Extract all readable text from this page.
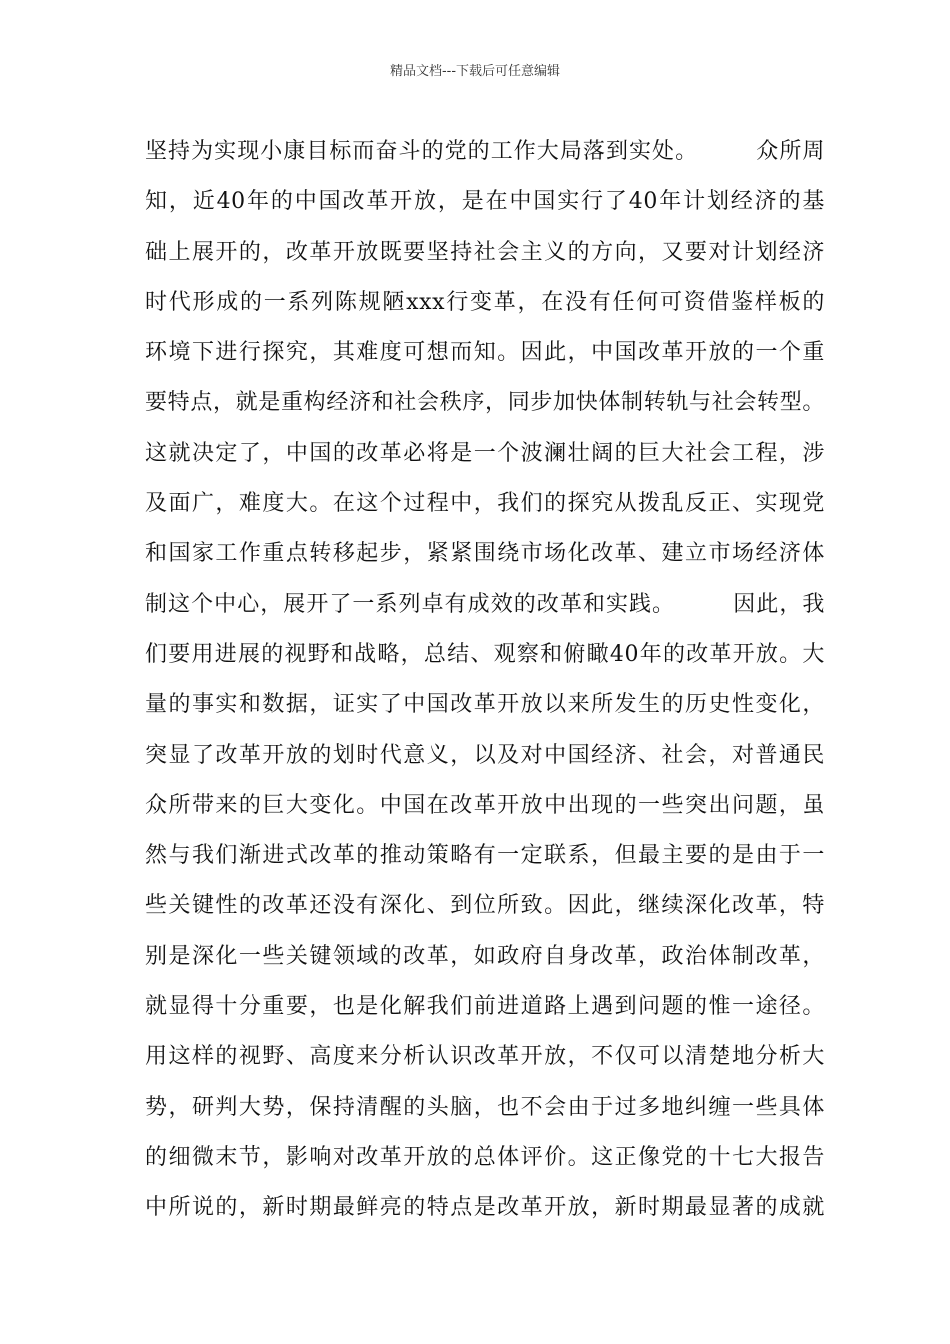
精品文档---下载后可任意编辑
坚持为实现小康目标而奋斗的党的工作大局落到实处。　　　众所周
知，近40年的中国改革开放，是在中国实行了40年计划经济的基
础上展开的，改革开放既要坚持社会主义的方向，又要对计划经济
时代形成的一系列陈规陋xxx行变革，在没有任何可资借鉴样板的
环境下进行探究，其难度可想而知。因此，中国改革开放的一个重
要特点，就是重构经济和社会秩序，同步加快体制转轨与社会转型。
这就决定了，中国的改革必将是一个波澜壮阔的巨大社会工程，涉
及面广，难度大。在这个过程中，我们的探究从拨乱反正、实现党
和国家工作重点转移起步，紧紧围绕市场化改革、建立市场经济体
制这个中心，展开了一系列卓有成效的改革和实践。　　　因此，我
们要用进展的视野和战略，总结、观察和俯瞰40年的改革开放。大
量的事实和数据，证实了中国改革开放以来所发生的历史性变化，
突显了改革开放的划时代意义，以及对中国经济、社会，对普通民
众所带来的巨大变化。中国在改革开放中出现的一些突出问题，虽
然与我们渐进式改革的推动策略有一定联系，但最主要的是由于一
些关键性的改革还没有深化、到位所致。因此，继续深化改革，特
别是深化一些关键领域的改革，如政府自身改革，政治体制改革，
就显得十分重要，也是化解我们前进道路上遇到问题的惟一途径。
用这样的视野、高度来分析认识改革开放，不仅可以清楚地分析大
势，研判大势，保持清醒的头脑，也不会由于过多地纠缠一些具体
的细微末节，影响对改革开放的总体评价。这正像党的十七大报告
中所说的，新时期最鲜亮的特点是改革开放，新时期最显著的成就
